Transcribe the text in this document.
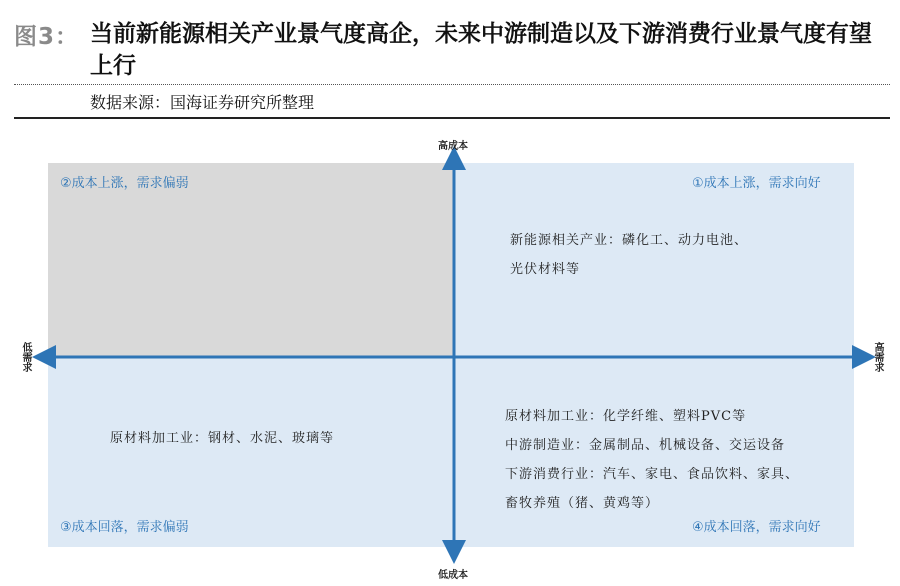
图3： 当前新能源相关产业景气度高企，未来中游制造以及下游消费行业景气度有望上行
数据来源：国海证券研究所整理
高成本
低成本
低需求	高需求
②成本上涨，需求偏弱	①成本上涨，需求向好
③成本回落，需求偏弱	④成本回落，需求向好
新能源相关产业：磷化工、动力电池、
光伏材料等
原材料加工业：钢材、水泥、玻璃等
原材料加工业：化学纤维、塑料PVC等
中游制造业：金属制品、机械设备、交运设备
下游消费行业：汽车、家电、食品饮料、家具、
畜牧养殖（猪、黄鸡等）
